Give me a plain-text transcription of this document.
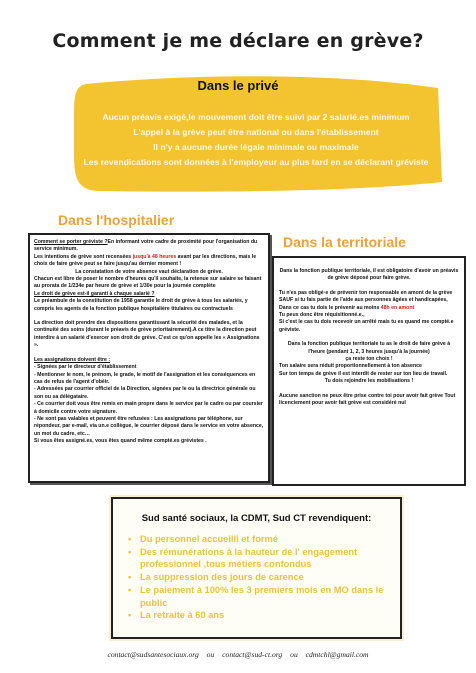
Comment je me déclare en grève?
Dans le privé
Aucun préavis exigé,le mouvement doit être suivi par 2 salarié.es minimum
L'appel à la grève peut être national ou dans l'établissement
Il n'y a aucune durée légale minimale ou maximale
Les revendications sont données à l'employeur au plus tard en se déclarant gréviste
Dans l'hospitalier
Comment se porter gréviste ?En informant votre cadre de proximité pour l'organisation du service minimum.
Les intentions de grève sont recensées jusqu'à 48 heures avant par les directions, mais le choix de faire grève peut se faire jusqu'au dernier moment !
La constatation de votre absence vaut déclaration de grève.
Chacun est libre de poser le nombre d'heures qu'il souhaite, la retenue sur salaire se faisant au prorata de 1/234e par heure de grève et 1/30e pour la journée complète
Le droit de grève est-il garanti à chaque salarié ?
Le préambule de la constitution de 1958 garantie le droit de grève à tous les salariés, y compris les agents de la fonction publique hospitalière titulaires ou contractuels
La direction doit prendre des dispositions garantissant la sécurité des malades, et la continuité des soins (durant le préavis de grève prioritairement).A ce titre la direction peut interdire à un salarié d'exercer son droit de grève. C'est ce qu'on appelle les « Assignations ».
Les assignations doivent être :
- Signées par le directeur d'établissement
- Mentionner le nom, le prénom, le grade, le motif de l'assignation et les conséquences en cas de refus de l'agent d'obéir.
- Adressées par courrier officiel de la Direction, signées par le ou la directrice générale ou son ou sa délégataire.
- Ce courrier doit vous être remis en main propre dans le service par le cadre ou par coursier à domicile contre votre signature.
- Ne sont pas valables et peuvent être refusées : Les assignations par téléphone, sur répondeur, par e-mail, via un.e collègue, le courrier déposé dans le service en votre absence, un mot du cadre, etc…
Si vous êtes assigné.es, vous êtes quand même compté.es grévistes .
Dans la territoriale
Dans la fonction publique territoriale, il est obligatoire d'avoir un préavis de grève déposé pour faire grève.
Tu n'es pas obligé·e de prévenir ton responsable en amont de la grève SAUF si tu fais partie de l'aide aux personnes âgées et handicapées,
Dans ce cas tu dois le prévenir au moins 48h en amont
Tu peux donc être réquisitionné.e.,
Si c'est le cas tu dois recevoir un arrêté mais tu es quand me compté.e gréviste.
Dans la fonction publique territoriale tu as le droit de faire grève à l'heure (pendant 1, 2, 3 heures jusqu'à la journée)
ça reste ton choix !
Ton salaire sera réduit proportionnellement à ton absence
Sur ton temps de grève il est interdit de rester sur ton lieu de travail.
Tu dois rejoindre les mobilisations !
Aucune sanction ne peux être prise contre toi pour avoir fait grève Tout licenciement pour avoir fait grève est considéré nul
Sud santé sociaux, la CDMT, Sud CT revendiquent:
• Du personnel accueilli et formé
• Des rémunérations à la hauteur de l' engagement professionnel ,tous métiers confondus
• La suppression des jours de carence
• Le paiement à 100% les 3 premiers mois en MO dans le public
• La retraite à 60 ans
contact@sudsantesociaux.org ou contact@sud-ct.org ou cdmtchl@gmail.com
